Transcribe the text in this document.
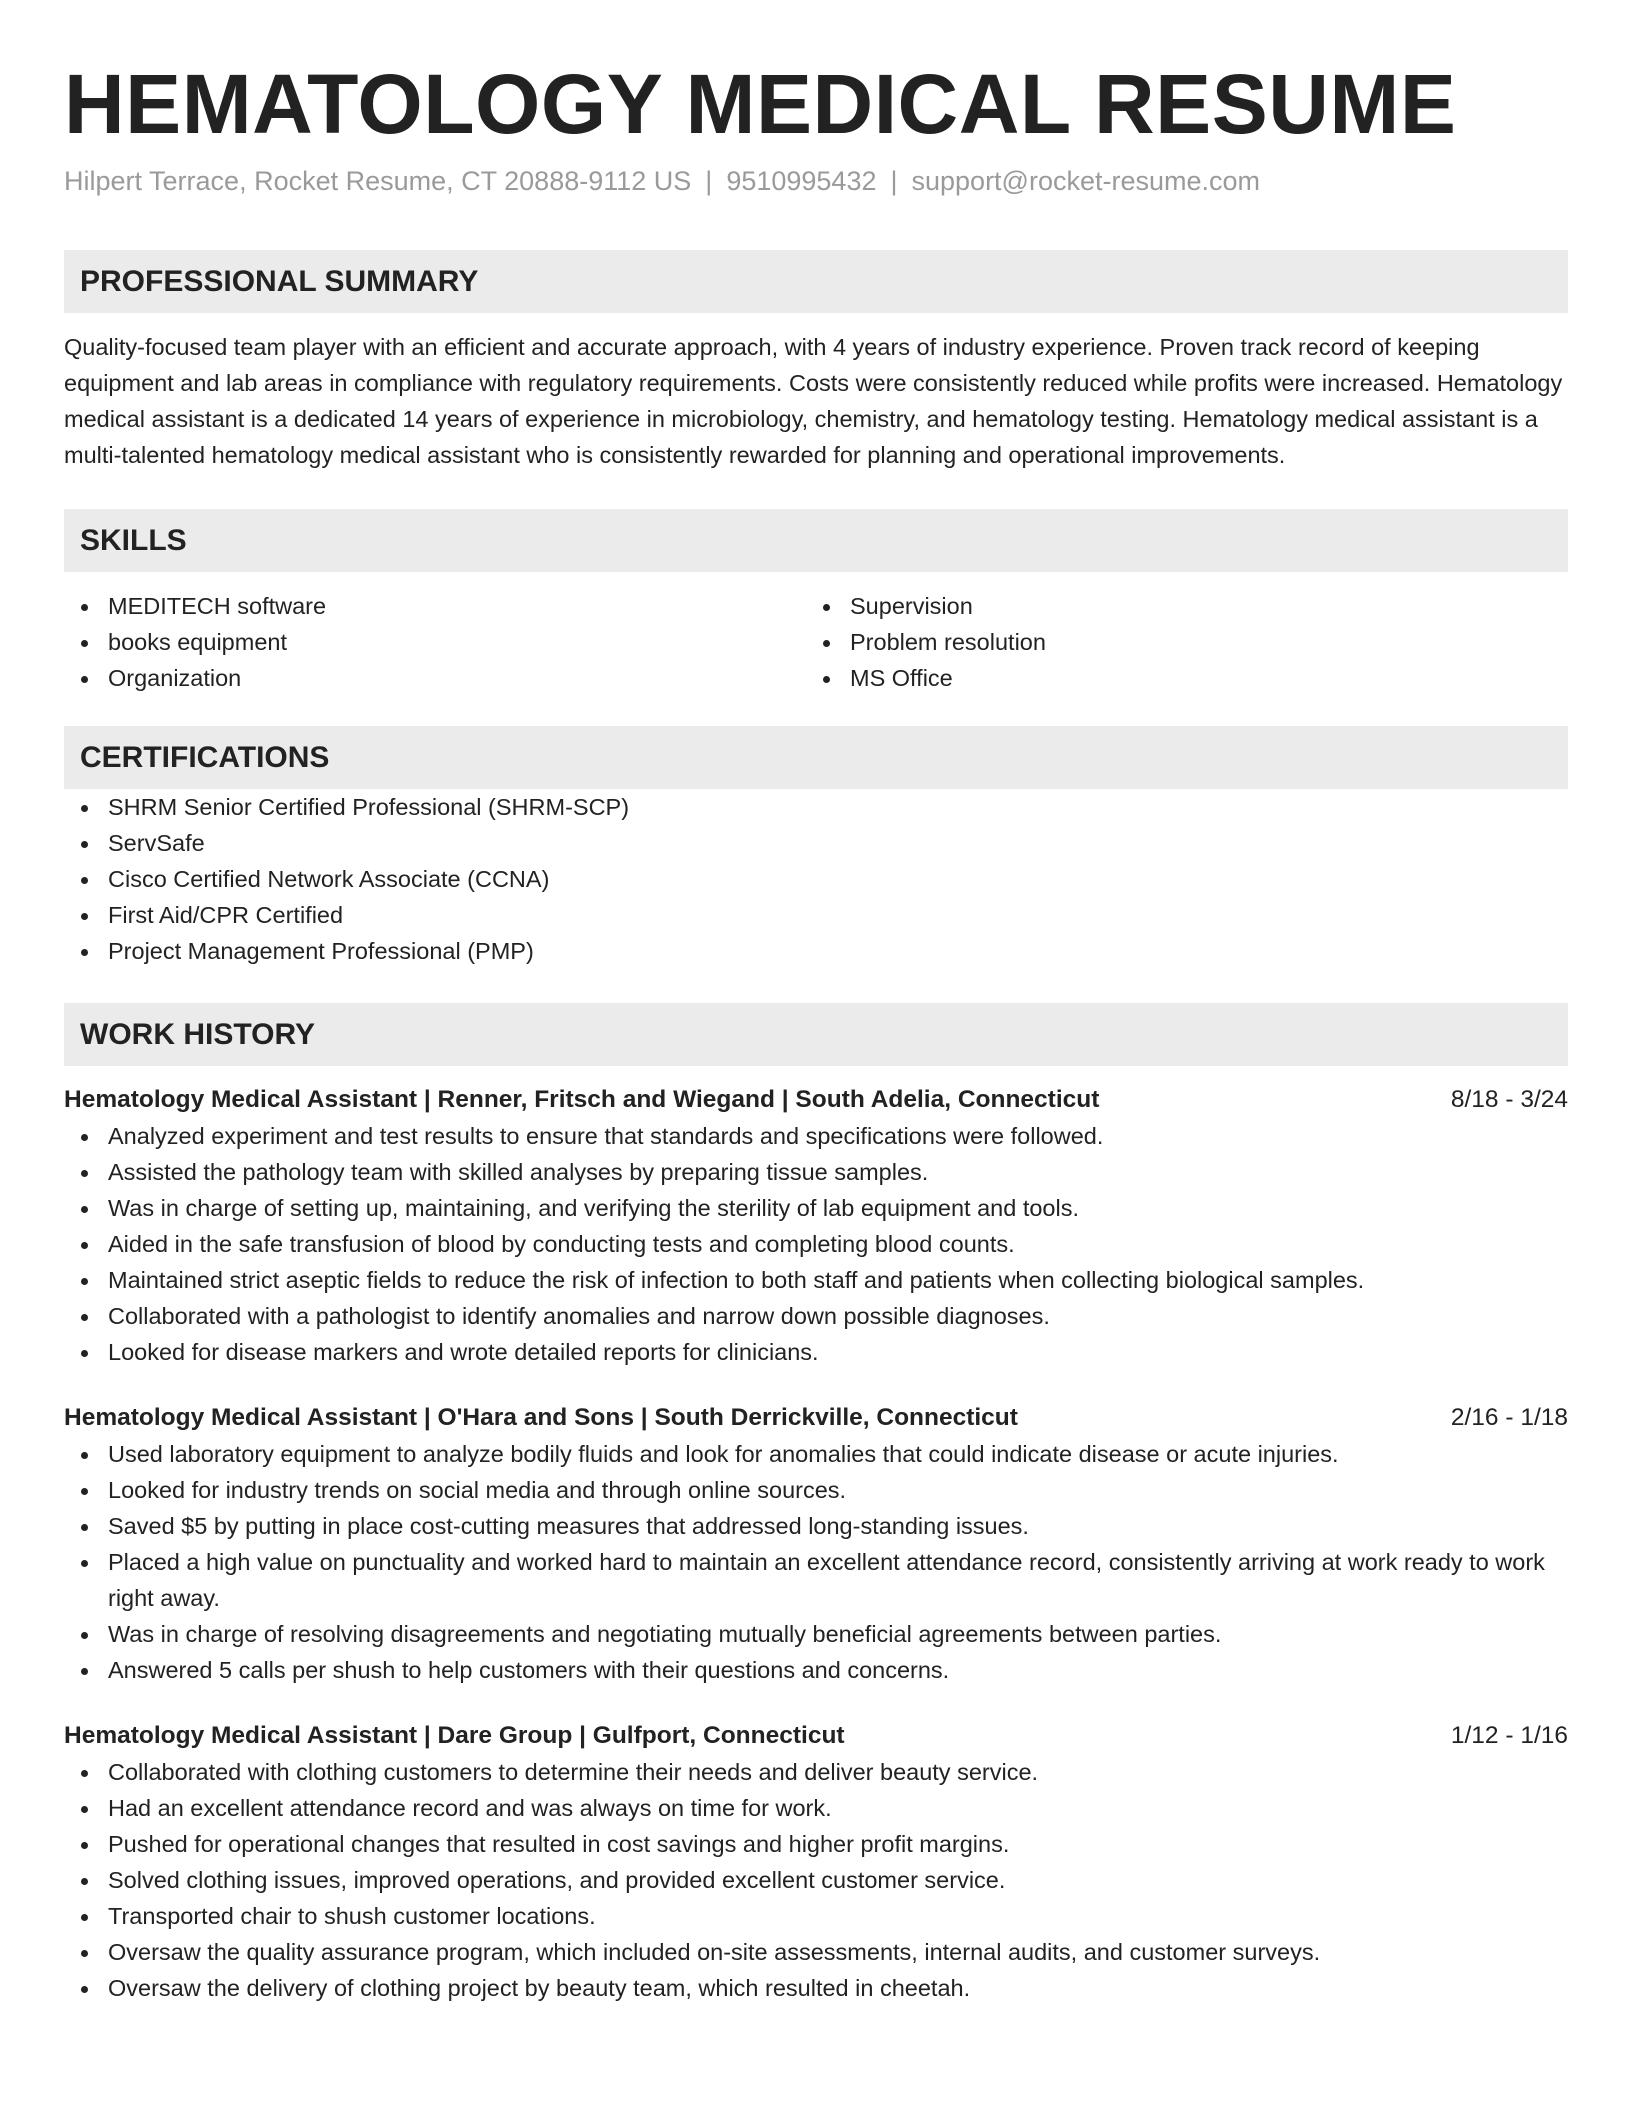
HEMATOLOGY MEDICAL RESUME
Hilpert Terrace, Rocket Resume, CT 20888-9112 US | 9510995432 | support@rocket-resume.com
PROFESSIONAL SUMMARY

Quality-focused team player with an efficient and accurate approach, with 4 years of industry experience. Proven track record of keeping equipment and lab areas in compliance with regulatory requirements. Costs were consistently reduced while profits were increased. Hematology medical assistant is a dedicated 14 years of experience in microbiology, chemistry, and hematology testing. Hematology medical assistant is a multi-talented hematology medical assistant who is consistently rewarded for planning and operational improvements.

SKILLS
MEDITECH software
books equipment
Organization
Supervision
Problem resolution
MS Office
CERTIFICATIONS
SHRM Senior Certified Professional (SHRM-SCP)
ServSafe
Cisco Certified Network Associate (CCNA)
First Aid/CPR Certified
Project Management Professional (PMP)
WORK HISTORY
Hematology Medical Assistant | Renner, Fritsch and Wiegand | South Adelia, Connecticut	8/18 - 3/24
Analyzed experiment and test results to ensure that standards and specifications were followed.
Assisted the pathology team with skilled analyses by preparing tissue samples.
Was in charge of setting up, maintaining, and verifying the sterility of lab equipment and tools.
Aided in the safe transfusion of blood by conducting tests and completing blood counts.
Maintained strict aseptic fields to reduce the risk of infection to both staff and patients when collecting biological samples.
Collaborated with a pathologist to identify anomalies and narrow down possible diagnoses.
Looked for disease markers and wrote detailed reports for clinicians.
Hematology Medical Assistant | O'Hara and Sons | South Derrickville, Connecticut	2/16 - 1/18
Used laboratory equipment to analyze bodily fluids and look for anomalies that could indicate disease or acute injuries.
Looked for industry trends on social media and through online sources.
Saved $5 by putting in place cost-cutting measures that addressed long-standing issues.
Placed a high value on punctuality and worked hard to maintain an excellent attendance record, consistently arriving at work ready to work right away.
Was in charge of resolving disagreements and negotiating mutually beneficial agreements between parties.
Answered 5 calls per shush to help customers with their questions and concerns.
Hematology Medical Assistant | Dare Group | Gulfport, Connecticut	1/12 - 1/16
Collaborated with clothing customers to determine their needs and deliver beauty service.
Had an excellent attendance record and was always on time for work.
Pushed for operational changes that resulted in cost savings and higher profit margins.
Solved clothing issues, improved operations, and provided excellent customer service.
Transported chair to shush customer locations.
Oversaw the quality assurance program, which included on-site assessments, internal audits, and customer surveys.
Oversaw the delivery of clothing project by beauty team, which resulted in cheetah.
